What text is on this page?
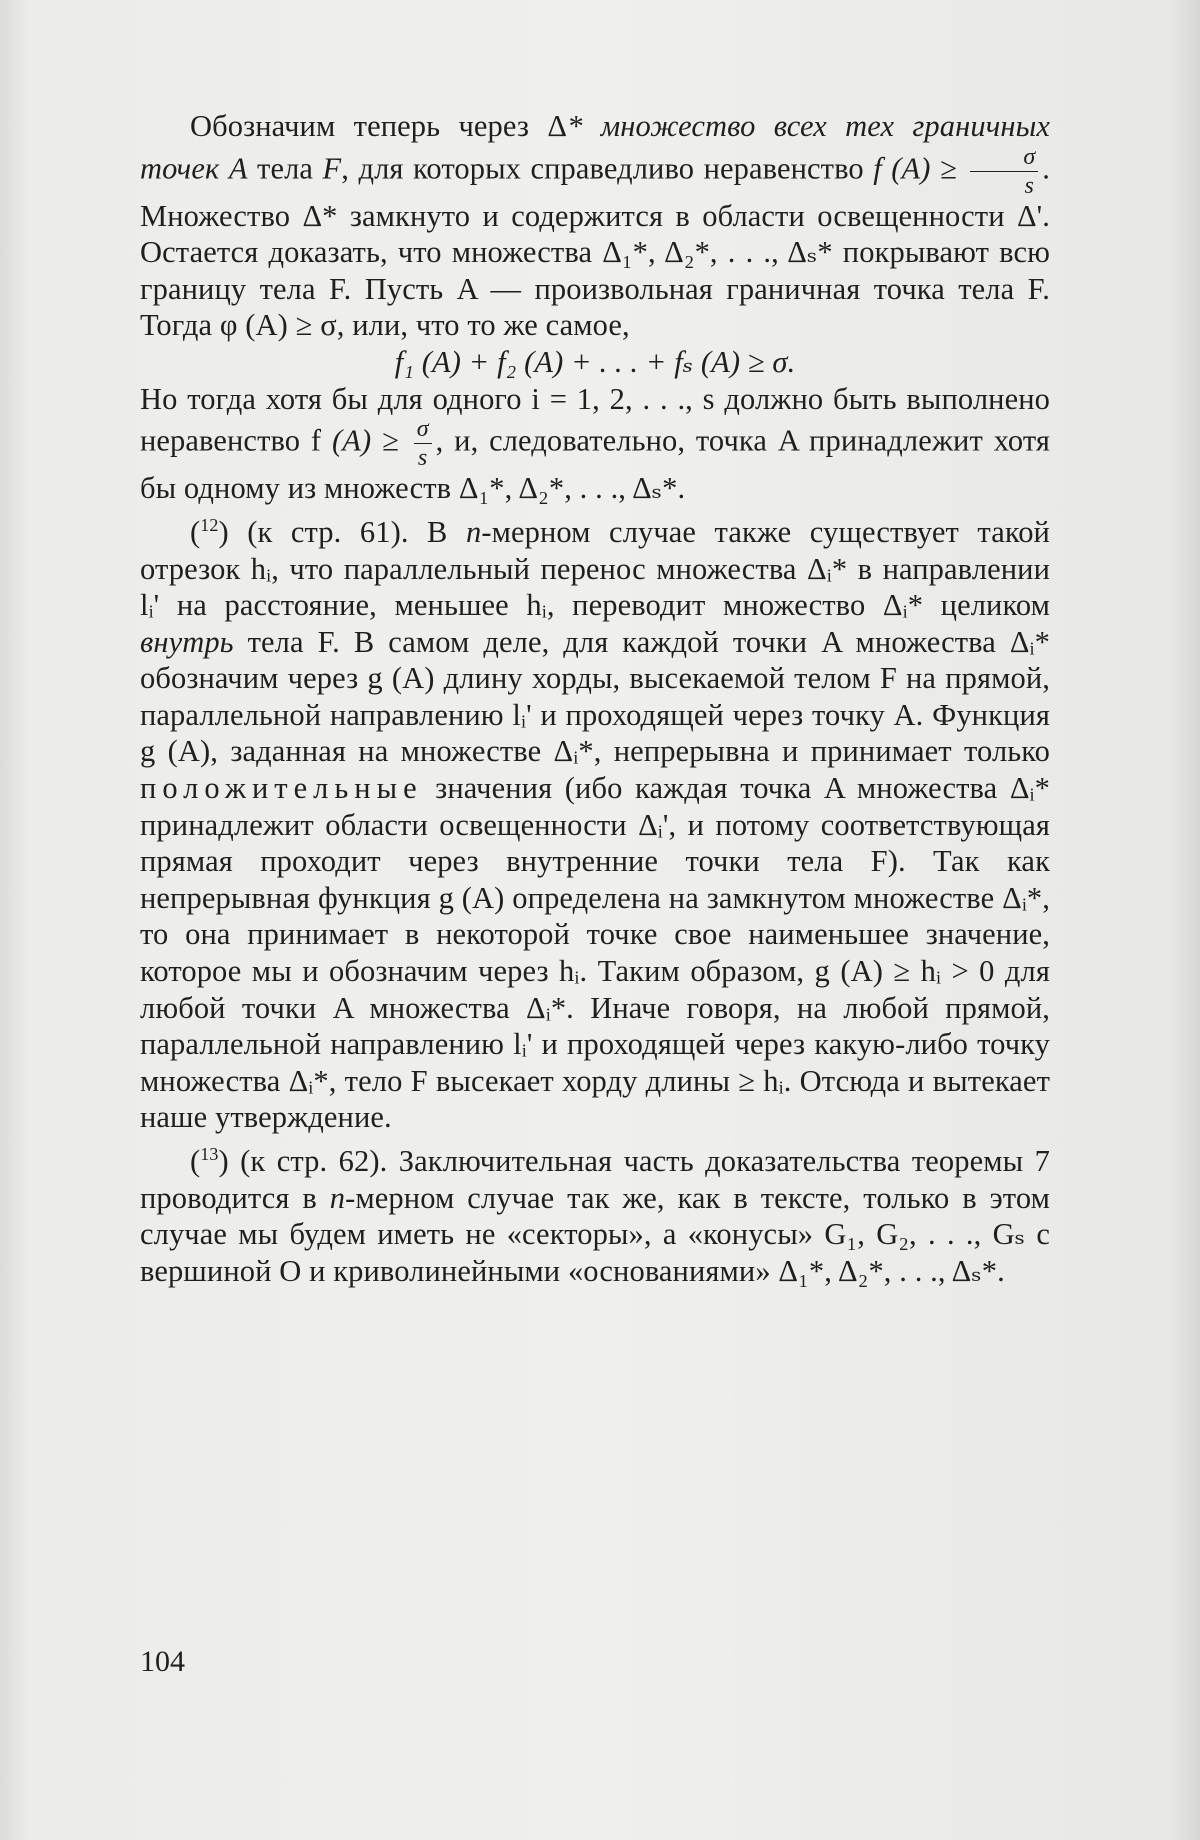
Обозначим теперь через Δ* множество всех тех граничных точек A тела F, для которых справедливо неравенство f $(A) \ge \frac{\sigma}{s}$ . Множество Δ* замкнуто и содержится в области освещенности Δ'. Остается доказать, что множества Δ₁*, Δ₂*, . . ., Δₛ* покрывают всю границу тела F. Пусть A — произвольная граничная точка тела F. Тогда φ (A) ≥ σ, или, что то же самое,

f₁ (A) + f₂ (A) + . . . + fₛ (A) ≥ σ.

Но тогда хотя бы для одного i = 1, 2, . . ., s должно быть выполнено неравенство f $(A) \ge \frac{\sigma}{s}$ , и, следовательно, точка A принадлежит хотя бы одному из множеств Δ₁*, Δ₂*, . . ., Δₛ*.

($^{12}$) (к стр. 61). В n-мерном случае также существует такой отрезок hᵢ, что параллельный перенос множества Δᵢ* в направлении lᵢ' на расстояние, меньшее hᵢ, переводит множество Δᵢ* целиком внутрь тела F. В самом деле, для каждой точки A множества Δᵢ* обозначим через g (A) длину хорды, высекаемой телом F на прямой, параллельной направлению lᵢ' и проходящей через точку A. Функция g (A), заданная на множестве Δᵢ*, непрерывна и принимает только положительные значения (ибо каждая точка A множества Δᵢ* принадлежит области освещенности Δᵢ', и потому соответствующая прямая проходит через внутренние точки тела F). Так как непрерывная функция g (A) определена на замкнутом множестве Δᵢ*, то она принимает в некоторой точке свое наименьшее значение, которое мы и обозначим через hᵢ. Таким образом, g (A) ≥ hᵢ > 0 для любой точки A множества Δᵢ*. Иначе говоря, на любой прямой, параллельной направлению lᵢ' и проходящей через какую-либо точку множества Δᵢ*, тело F высекает хорду длины ≥ hᵢ. Отсюда и вытекает наше утверждение.

($^{13}$) (к стр. 62). Заключительная часть доказательства теоремы 7 проводится в n-мерном случае так же, как в тексте, только в этом случае мы будем иметь не «секторы», а «конусы» G₁, G₂, . . ., Gₛ с вершиной O и криволинейными «основаниями» Δ₁*, Δ₂*, . . ., Δₛ*.

104
